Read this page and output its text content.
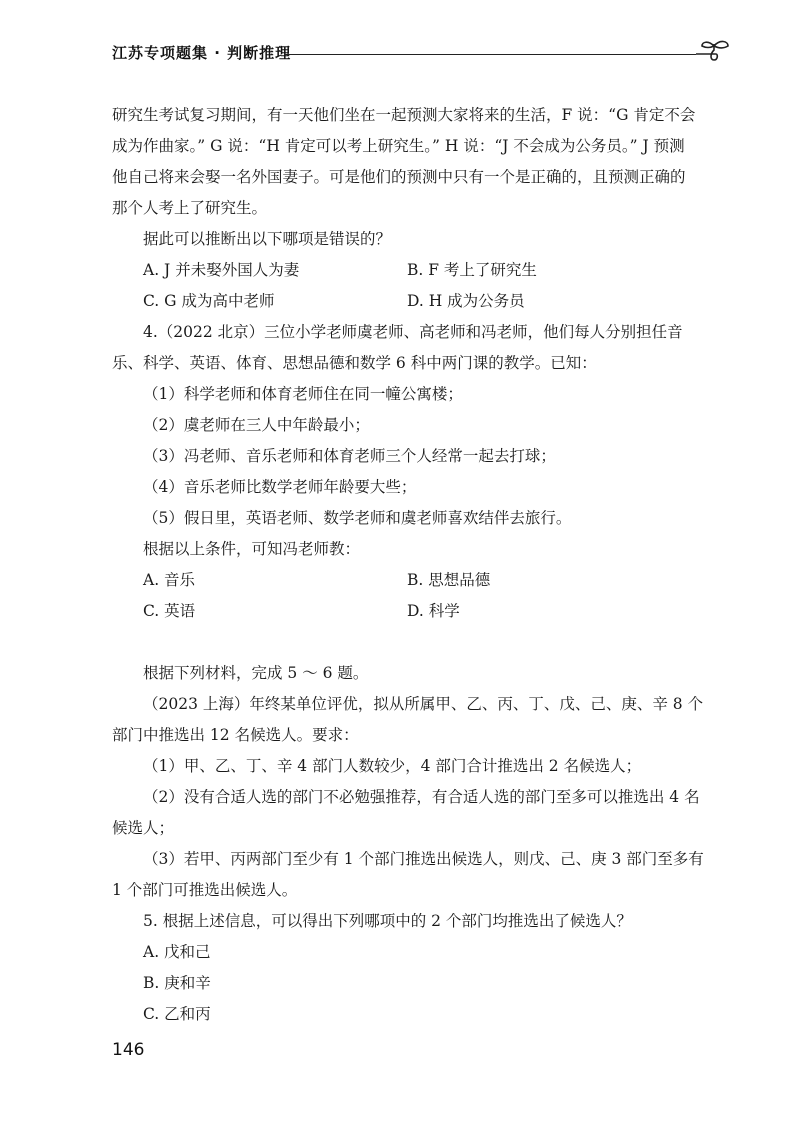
江苏专项题集 · 判断推理

研究生考试复习期间，有一天他们坐在一起预测大家将来的生活，F 说：“G 肯定不会

成为作曲家。” G 说：“H 肯定可以考上研究生。” H 说：“J 不会成为公务员。” J 预测

他自己将来会娶一名外国妻子。可是他们的预测中只有一个是正确的，且预测正确的

那个人考上了研究生。

据此可以推断出以下哪项是错误的？

A. J 并未娶外国人为妻	B. F 考上了研究生
C. G 成为高中老师	D. H 成为公务员

4.（2022 北京）三位小学老师虞老师、高老师和冯老师，他们每人分别担任音

乐、科学、英语、体育、思想品德和数学 6 科中两门课的教学。已知：

（1）科学老师和体育老师住在同一幢公寓楼；

（2）虞老师在三人中年龄最小；

（3）冯老师、音乐老师和体育老师三个人经常一起去打球；

（4）音乐老师比数学老师年龄要大些；

（5）假日里，英语老师、数学老师和虞老师喜欢结伴去旅行。

根据以上条件，可知冯老师教：

A. 音乐	B. 思想品德
C. 英语	D. 科学

根据下列材料，完成 5 ～ 6 题。

（2023 上海）年终某单位评优，拟从所属甲、乙、丙、丁、戊、己、庚、辛 8 个

部门中推选出 12 名候选人。要求：

（1）甲、乙、丁、辛 4 部门人数较少，4 部门合计推选出 2 名候选人；

（2）没有合适人选的部门不必勉强推荐，有合适人选的部门至多可以推选出 4 名

候选人；

（3）若甲、丙两部门至少有 1 个部门推选出候选人，则戊、己、庚 3 部门至多有

1 个部门可推选出候选人。

5. 根据上述信息，可以得出下列哪项中的 2 个部门均推选出了候选人？

A. 戊和己

B. 庚和辛

C. 乙和丙

146
